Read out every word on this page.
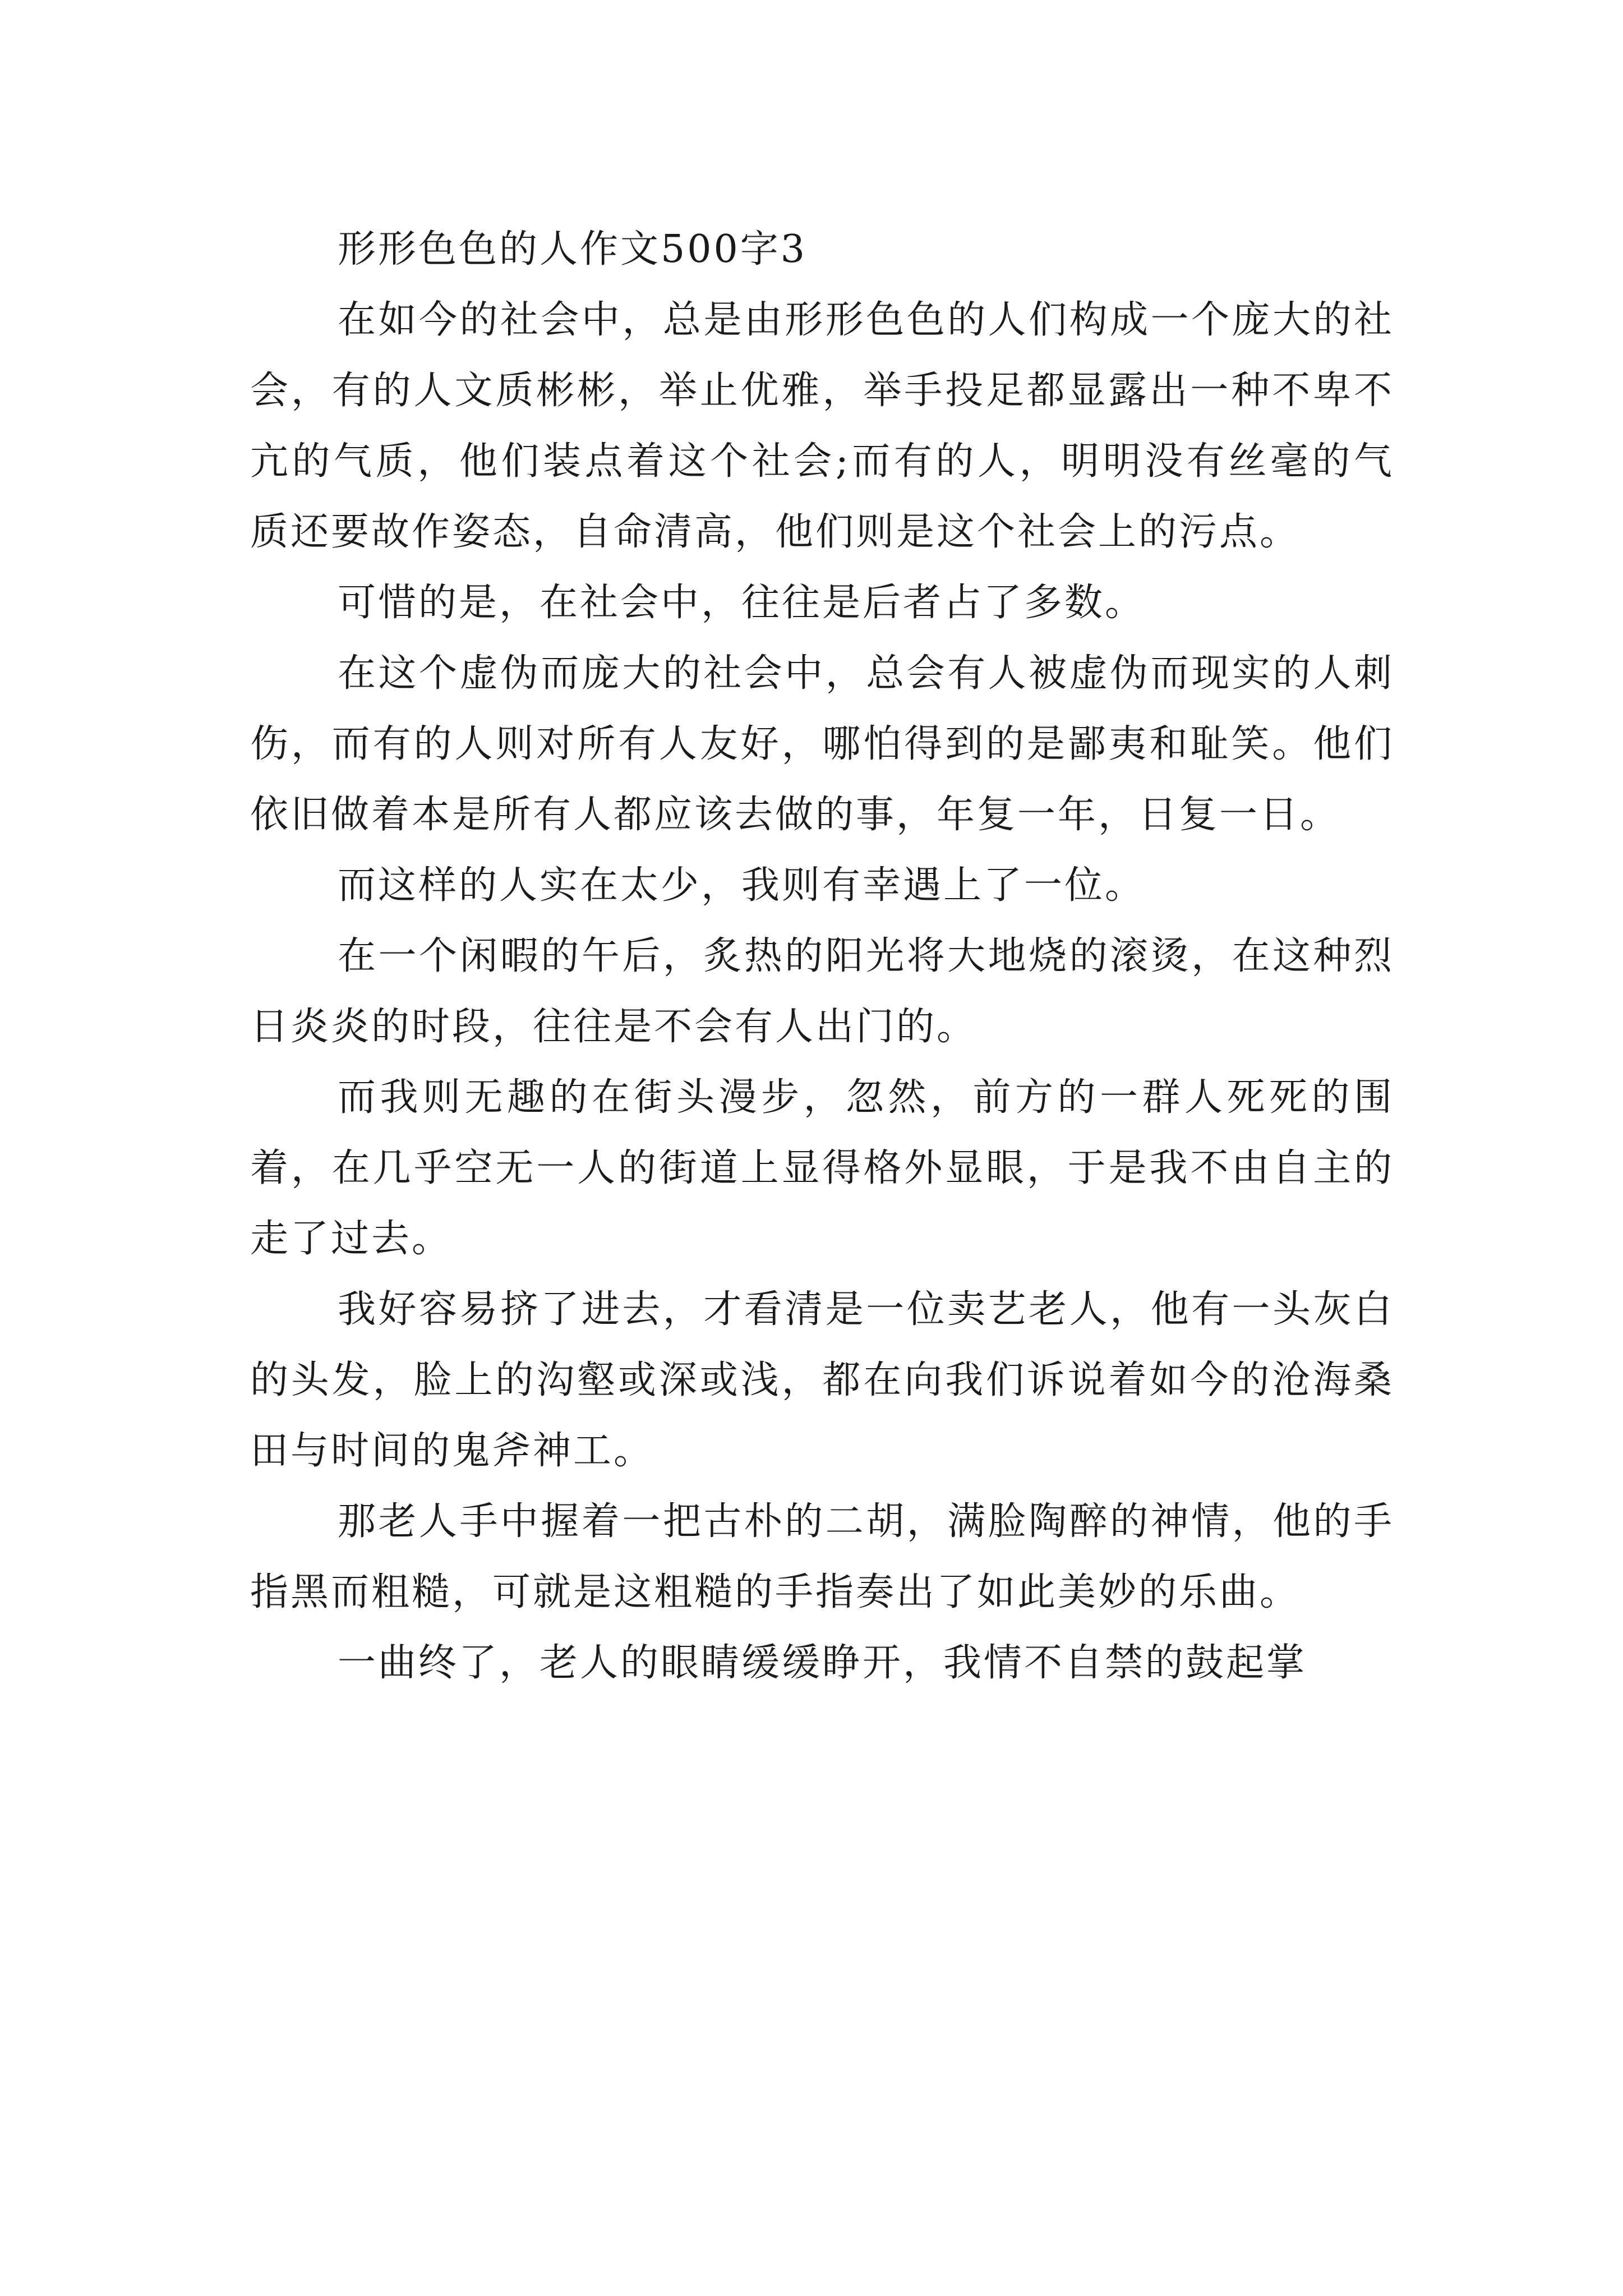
形形色色的人作文500字3

在如今的社会中，总是由形形色色的人们构成一个庞大的社会，有的人文质彬彬，举止优雅，举手投足都显露出一种不卑不亢的气质，他们装点着这个社会;而有的人，明明没有丝毫的气质还要故作姿态，自命清高，他们则是这个社会上的污点。

可惜的是，在社会中，往往是后者占了多数。

在这个虚伪而庞大的社会中，总会有人被虚伪而现实的人刺伤，而有的人则对所有人友好，哪怕得到的是鄙夷和耻笑。他们依旧做着本是所有人都应该去做的事，年复一年，日复一日。

而这样的人实在太少，我则有幸遇上了一位。

在一个闲暇的午后，炙热的阳光将大地烧的滚烫，在这种烈日炎炎的时段，往往是不会有人出门的。

而我则无趣的在街头漫步，忽然，前方的一群人死死的围着，在几乎空无一人的街道上显得格外显眼，于是我不由自主的走了过去。

我好容易挤了进去，才看清是一位卖艺老人，他有一头灰白的头发，脸上的沟壑或深或浅，都在向我们诉说着如今的沧海桑田与时间的鬼斧神工。

那老人手中握着一把古朴的二胡，满脸陶醉的神情，他的手指黑而粗糙，可就是这粗糙的手指奏出了如此美妙的乐曲。

一曲终了，老人的眼睛缓缓睁开，我情不自禁的鼓起掌
